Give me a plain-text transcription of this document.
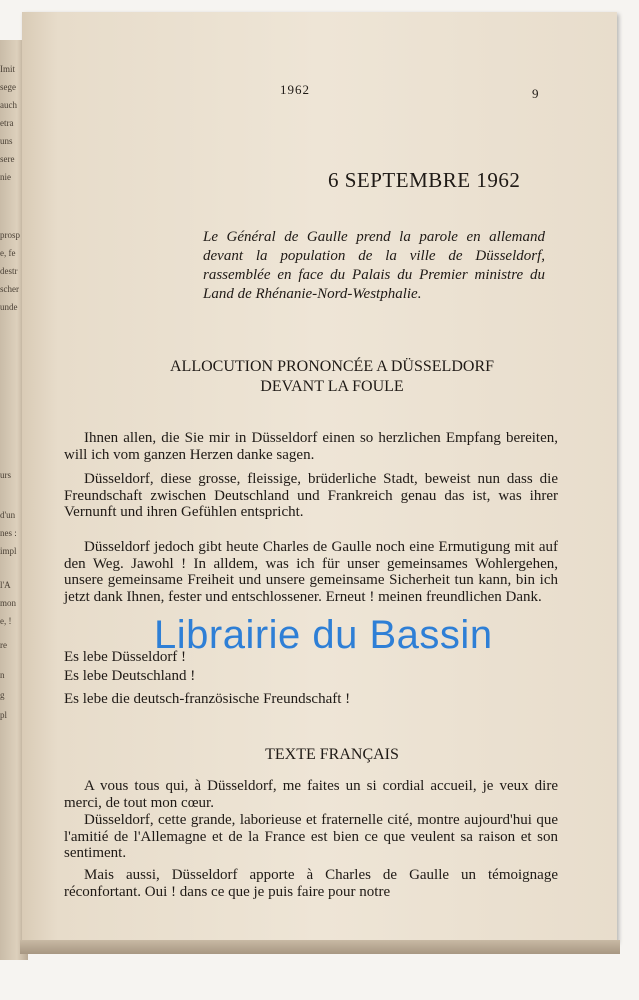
Imit
sege
auch
etra
uns
sere
nie
prosp
e, fe
destr
scher
unde
urs
d'un
nes :
impl
l'A
mon
e, !
re
n
g
pl
1962	9
6 SEPTEMBRE 1962
Le Général de Gaulle prend la parole en allemand devant la population de la ville de Düsseldorf, rassemblée en face du Palais du Premier ministre du Land de Rhénanie-Nord-Westphalie.
ALLOCUTION PRONONCÉE A DÜSSELDORF
DEVANT LA FOULE
Ihnen allen, die Sie mir in Düsseldorf einen so herzlichen Empfang bereiten, will ich vom ganzen Herzen danke sagen.
Düsseldorf, diese grosse, fleissige, brüderliche Stadt, beweist nun dass die Freundschaft zwischen Deutschland und Frankreich genau das ist, was ihrer Vernunft und ihren Gefühlen entspricht.
Düsseldorf jedoch gibt heute Charles de Gaulle noch eine Ermutigung mit auf den Weg. Jawohl ! In alldem, was ich für unser gemeinsames Wohlergehen, unsere gemeinsame Freiheit und unsere gemeinsame Sicherheit tun kann, bin ich jetzt dank Ihnen, fester und entschlossener. Erneut ! meinen freundlichen Dank.
Es lebe Düsseldorf !
Es lebe Deutschland !
Es lebe die deutsch-französische Freundschaft !
TEXTE FRANÇAIS
A vous tous qui, à Düsseldorf, me faites un si cordial accueil, je veux dire merci, de tout mon cœur.
Düsseldorf, cette grande, laborieuse et fraternelle cité, montre aujourd'hui que l'amitié de l'Allemagne et de la France est bien ce que veulent sa raison et son sentiment.
Mais aussi, Düsseldorf apporte à Charles de Gaulle un témoignage réconfortant. Oui ! dans ce que je puis faire pour notre
Librairie du Bassin
